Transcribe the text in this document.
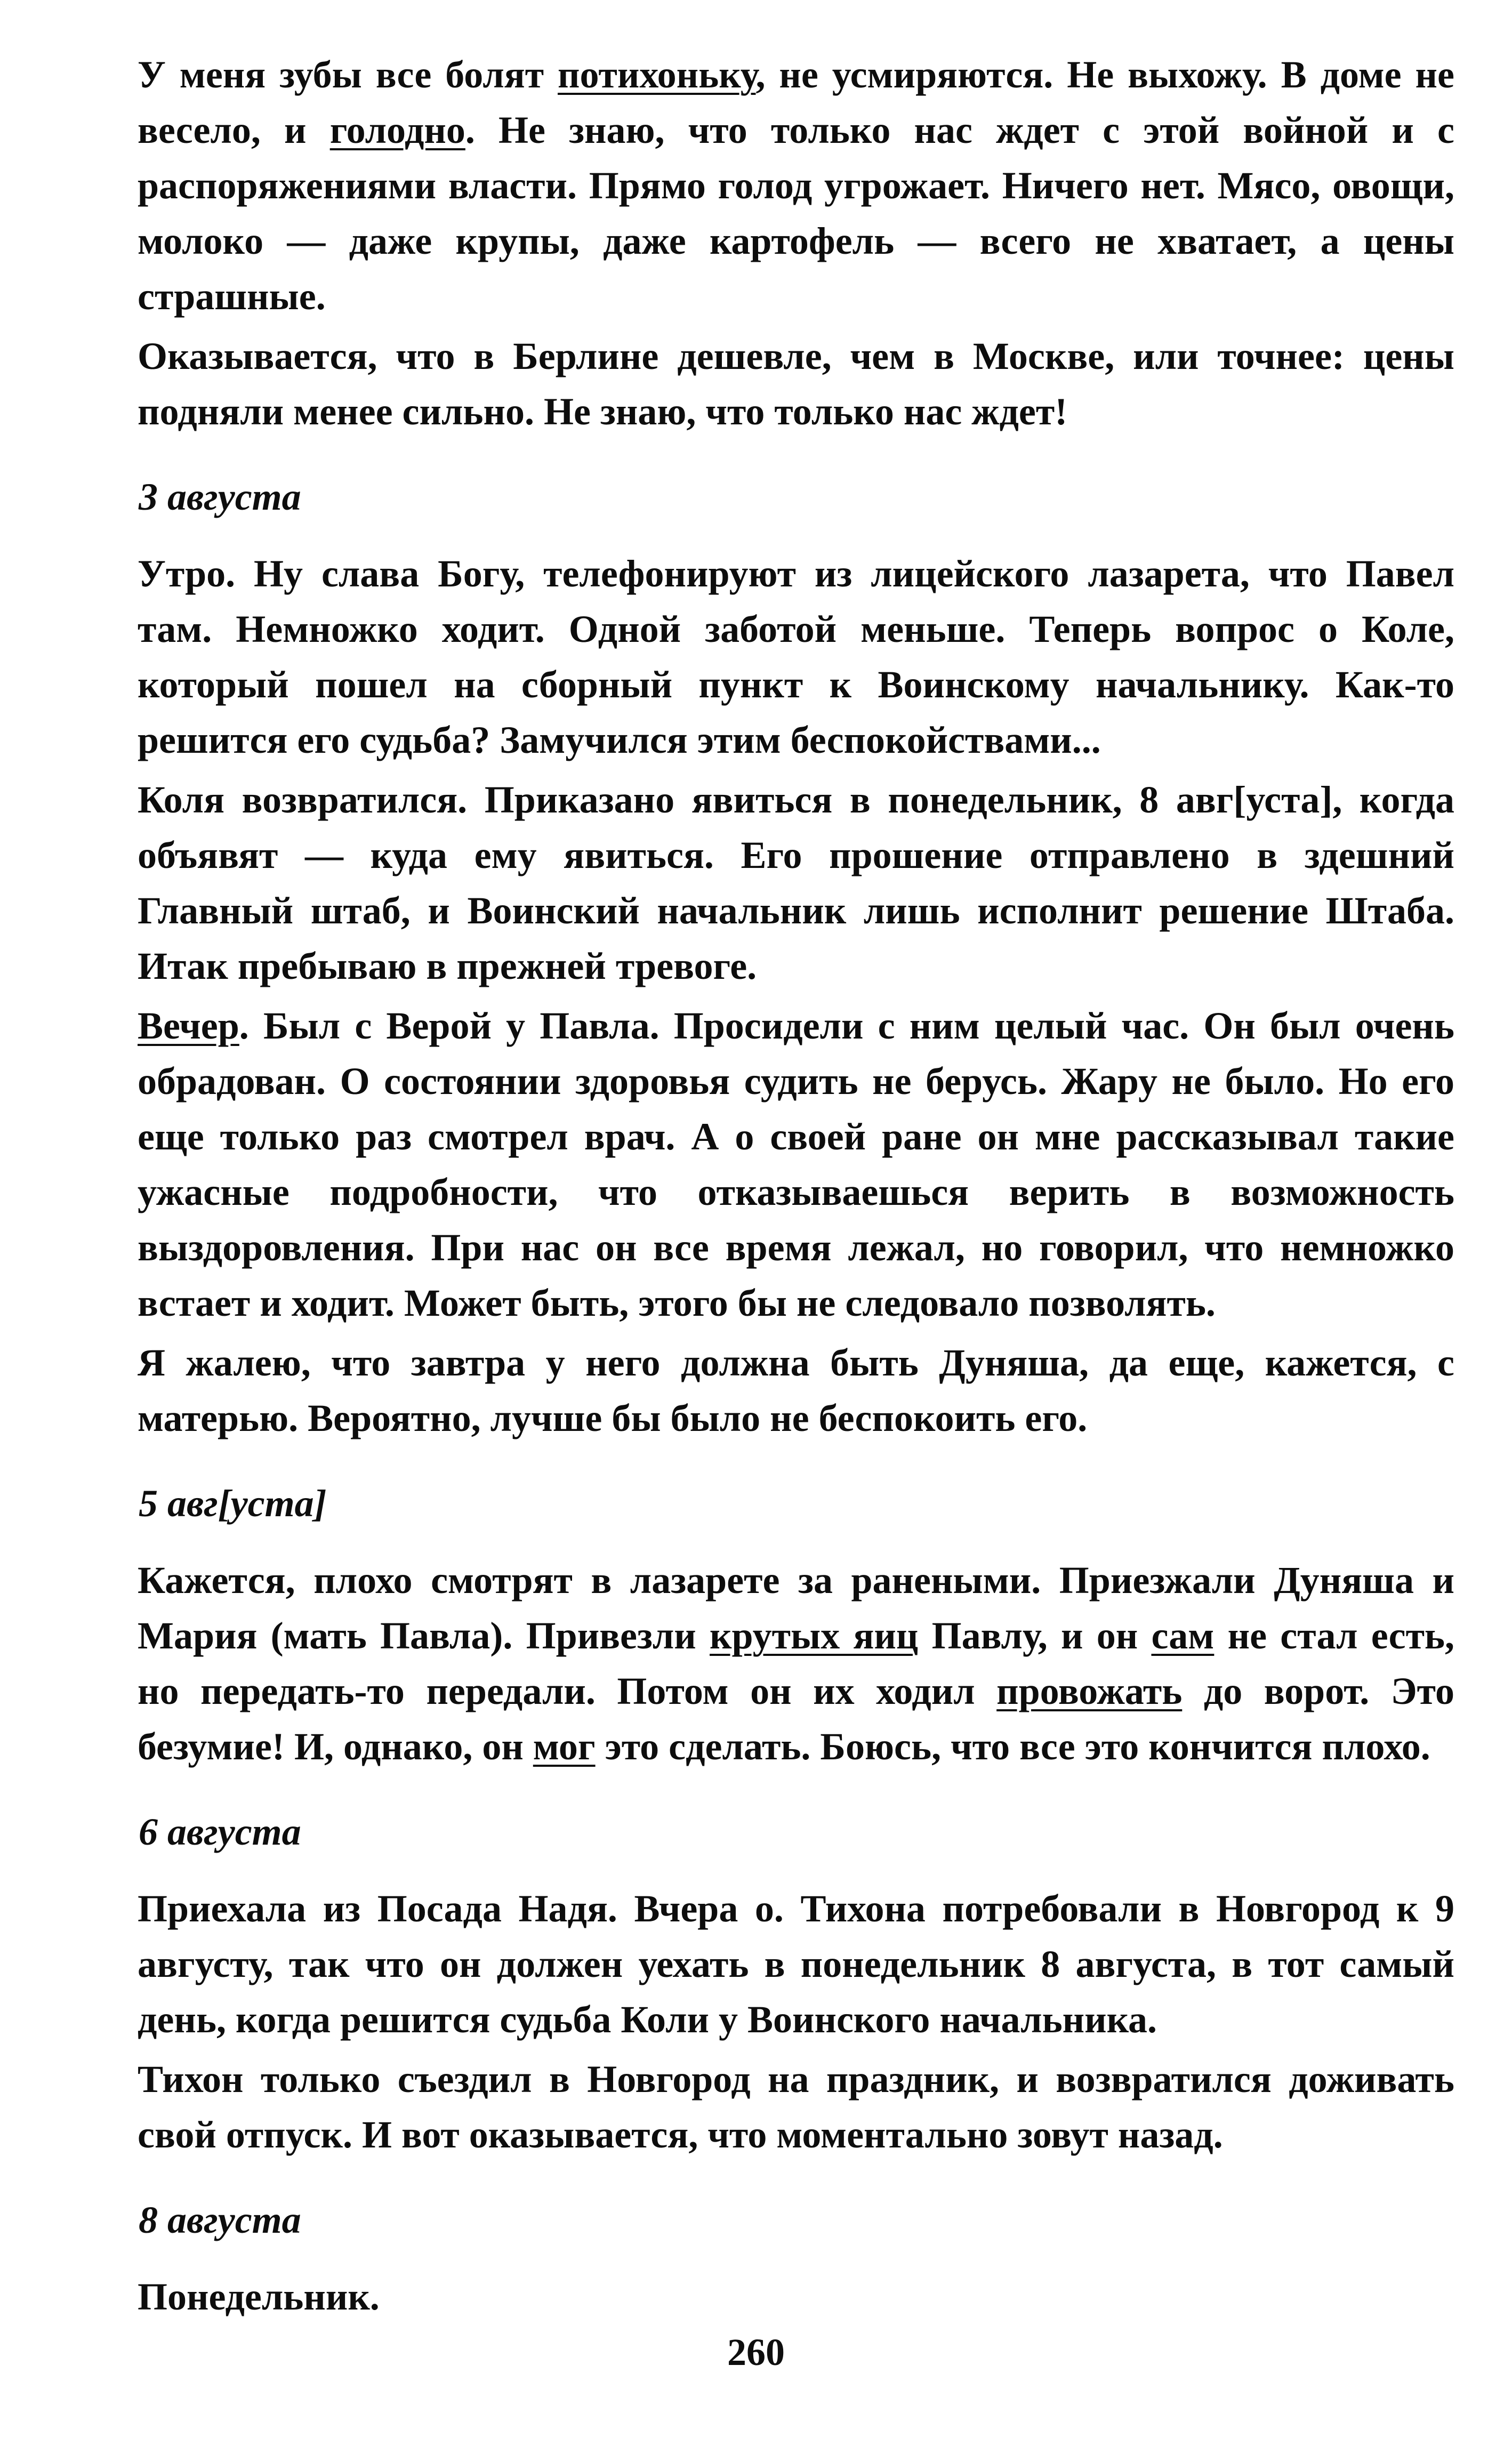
У меня зубы все болят потихоньку, не усмиряются. Не выхожу. В доме не весело, и голодно. Не знаю, что только нас ждет с этой войной и с распоряжениями власти. Прямо голод угрожает. Ничего нет. Мясо, овощи, молоко — даже крупы, даже картофель — всего не хватает, а цены страшные.

Оказывается, что в Берлине дешевле, чем в Москве, или точнее: цены подняли менее сильно. Не знаю, что только нас ждет!

3 августа

Утро. Ну слава Богу, телефонируют из лицейского лазарета, что Павел там. Немножко ходит. Одной заботой меньше. Теперь вопрос о Коле, который пошел на сборный пункт к Воинскому начальнику. Как-то решится его судьба? Замучился этим беспокойствами...

Коля возвратился. Приказано явиться в понедельник, 8 авг[уста], когда объявят — куда ему явиться. Его прошение отправлено в здешний Главный штаб, и Воинский начальник лишь исполнит решение Штаба. Итак пребываю в прежней тревоге.

Вечер. Был с Верой у Павла. Просидели с ним целый час. Он был очень обрадован. О состоянии здоровья судить не берусь. Жару не было. Но его еще только раз смотрел врач. А о своей ране он мне рассказывал такие ужасные подробности, что отказываешься верить в возможность выздоровления. При нас он все время лежал, но говорил, что немножко встает и ходит. Может быть, этого бы не следовало позволять.

Я жалею, что завтра у него должна быть Дуняша, да еще, кажется, с матерью. Вероятно, лучше бы было не беспокоить его.

5 авг[уста]

Кажется, плохо смотрят в лазарете за ранеными. Приезжали Дуняша и Мария (мать Павла). Привезли крутых яиц Павлу, и он сам не стал есть, но передать-то передали. Потом он их ходил провожать до ворот. Это безумие! И, однако, он мог это сделать. Боюсь, что все это кончится плохо.

6 августа

Приехала из Посада Надя. Вчера о. Тихона потребовали в Новгород к 9 августу, так что он должен уехать в понедельник 8 августа, в тот самый день, когда решится судьба Коли у Воинского начальника.

Тихон только съездил в Новгород на праздник, и возвратился доживать свой отпуск. И вот оказывается, что моментально зовут назад.

8 августа

Понедельник.

260
